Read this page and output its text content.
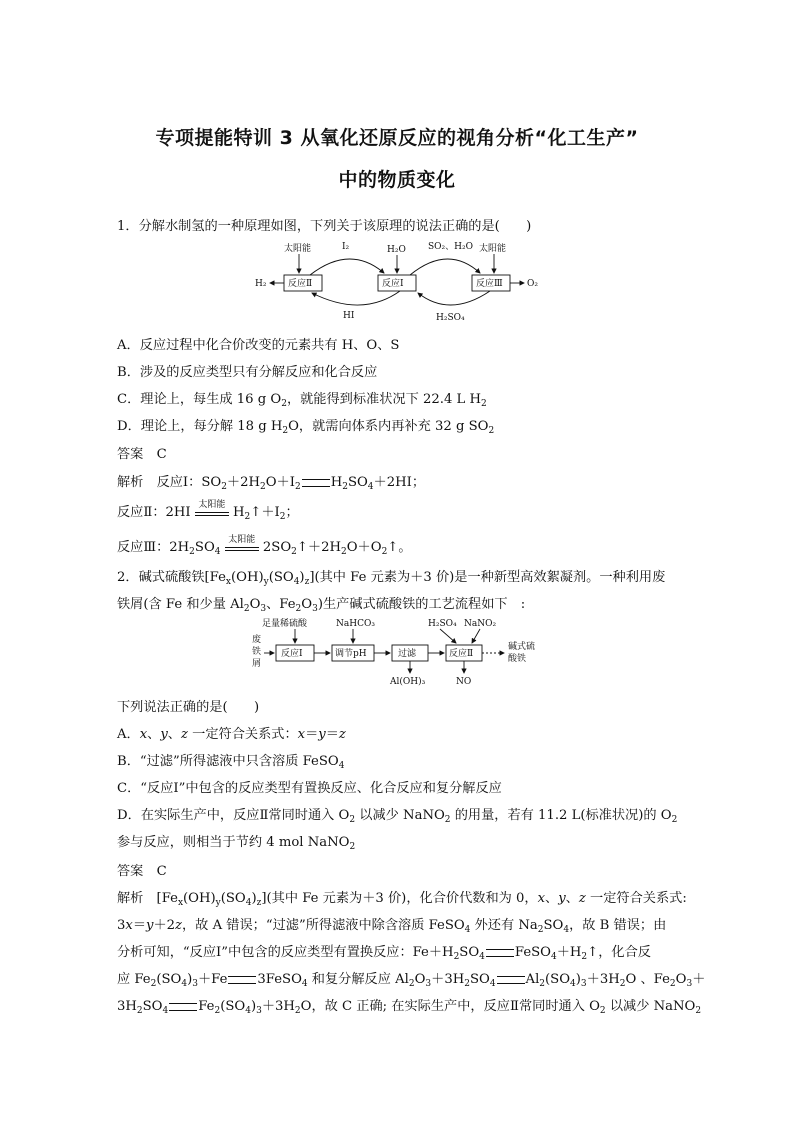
专项提能特训 3 从氧化还原反应的视角分析“化工生产”
中的物质变化
1．分解水制氢的一种原理如图，下列关于该原理的说法正确的是(　　)
太阳能	I₂	H₂O SO₂、H₂O 太阳能
H₂ 反应Ⅱ	反应Ⅰ	反应Ⅲ	O₂
HI	H₂SO₄
A．反应过程中化合价改变的元素共有 H、O、S
B．涉及的反应类型只有分解反应和化合反应
C．理论上，每生成 16 g $O_2$，就能得到标准状况下 22.4 L $H_2$
D．理论上，每分解 18 g $H_2O$，就需向体系内再补充 32 g $SO_2$
答案　 C
解析　 反应Ⅰ：$SO_2+2H_2O+I_2$ $H_2SO_4+2HI$；
反应Ⅱ：2HI
太阳能
$H_2↑+I_2$；
反应Ⅲ：$2H_2SO_4$
太阳能
$2SO_2↑+2H_2O+O_2↑$。
2．碱式硫酸铁$[Fe_x(OH)_y(SO_4)_z]$(其中 Fe 元素为＋3 价)是一种新型高效絮凝剂。一种利用废
铁屑(含 Fe 和少量 $Al_2O_3$、$Fe_2O_3$)生产碱式硫酸铁的工艺流程如下　:
废
铁
屑
足量稀硫酸	NaHCO₃	H₂SO₄ NaNO₂
反应Ⅰ	调节pH	过滤	反应Ⅱ
Al(OH)₃	NO
碱式硫
酸铁
下列说法正确的是(　　)
A．x、y、z 一定符合关系式：x＝y＝z
B．“过滤”所得滤液中只含溶质 FeSO$_4$
C．“反应Ⅰ”中包含的反应类型有置换反应、化合反应和复分解反应
D．在实际生产中，反应Ⅱ常同时通入 $O_2$ 以减少 NaNO$_2$ 的用量，若有 11.2 L(标准状况)的 $O_2$
参与反应，则相当于节约 4 mol NaNO$_2$
答案　 C
解析　$[Fe_x(OH)_y(SO_4)_z]$(其中 Fe 元素为＋3 价)，化合价代数和为 0，x、y、z 一定符合关系式:
3x＝y＋2z，故 A 错误；“过滤”所得滤液中除含溶质 FeSO$_4$ 外还有 $Na_2SO_4$，故 B 错误；由
分析可知，“反应Ⅰ”中包含的反应类型有置换反应：$Fe+H_2SO_4$ $FeSO_4+H_2↑$，化合反
应 $Fe_2(SO_4)_3+Fe$ 3FeSO$_4$ 和复分解反应 $Al_2O_3+3H_2SO_4$ $Al_2(SO_4)_3+3H_2O$ 、$Fe_2O_3+$
$3H_2SO_4$ $Fe_2(SO_4)_3+3H_2O$，故 C 正确; 在实际生产中，反应Ⅱ常同时通入 $O_2$ 以减少 NaNO$_2$
